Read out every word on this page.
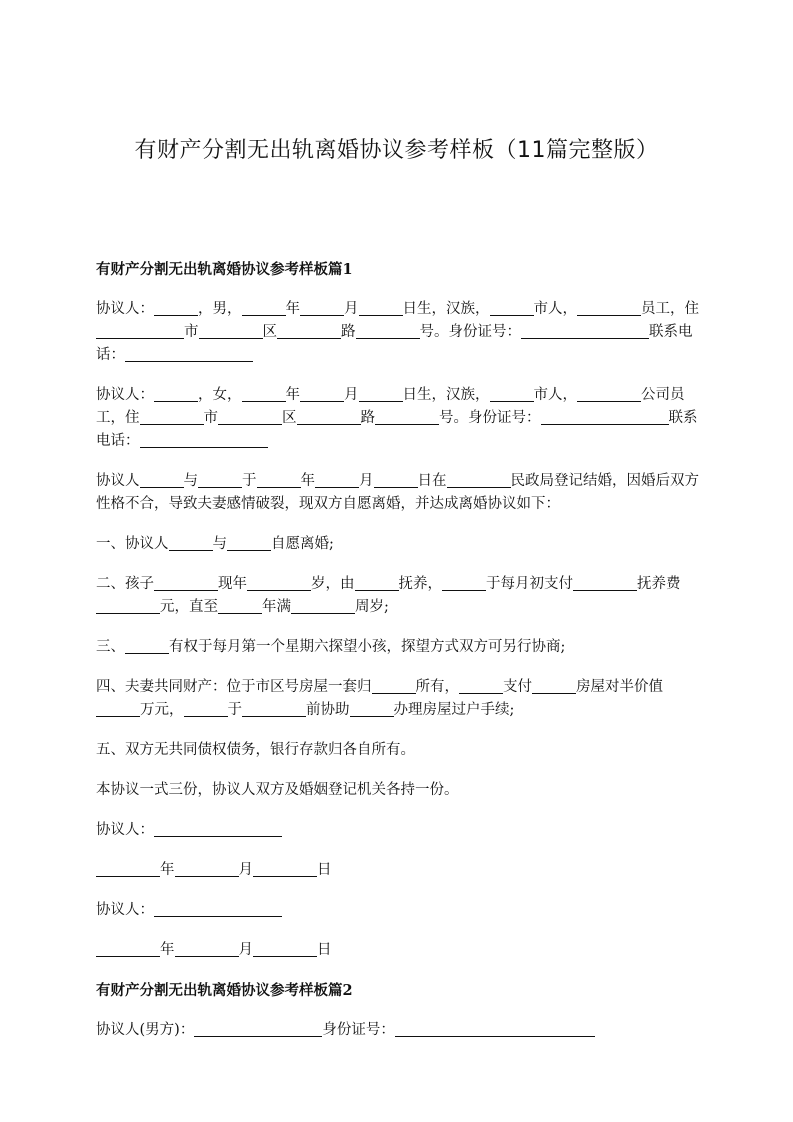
有财产分割无出轨离婚协议参考样板（11篇完整版）
有财产分割无出轨离婚协议参考样板篇1
协议人：	，男，	年	月	日生，汉族，	市人，	员工，住市	区	路	号。身份证号：	联系电话：
协议人：	，女，	年	月	日生，汉族，	市人，	公司员工，住	市	区	路	号。身份证号：	联系电话：
协议人	与	于	年	月	日在	民政局登记结婚，因婚后双方性格不合，导致夫妻感情破裂，现双方自愿离婚，并达成离婚协议如下：
一、协议人	与	自愿离婚;
二、孩子	现年	岁，由	抚养，	于每月初支付	抚养费元，直至	年满	周岁;
三、	有权于每月第一个星期六探望小孩，探望方式双方可另行协商;
四、夫妻共同财产：位于市区号房屋一套归	所有，	支付	房屋对半价值万元，	于	前协助	办理房屋过户手续;
五、双方无共同债权债务，银行存款归各自所有。
本协议一式三份，协议人双方及婚姻登记机关各持一份。
协议人：
年	月	日
协议人：
年	月	日
有财产分割无出轨离婚协议参考样板篇2
协议人(男方)：	身份证号：
